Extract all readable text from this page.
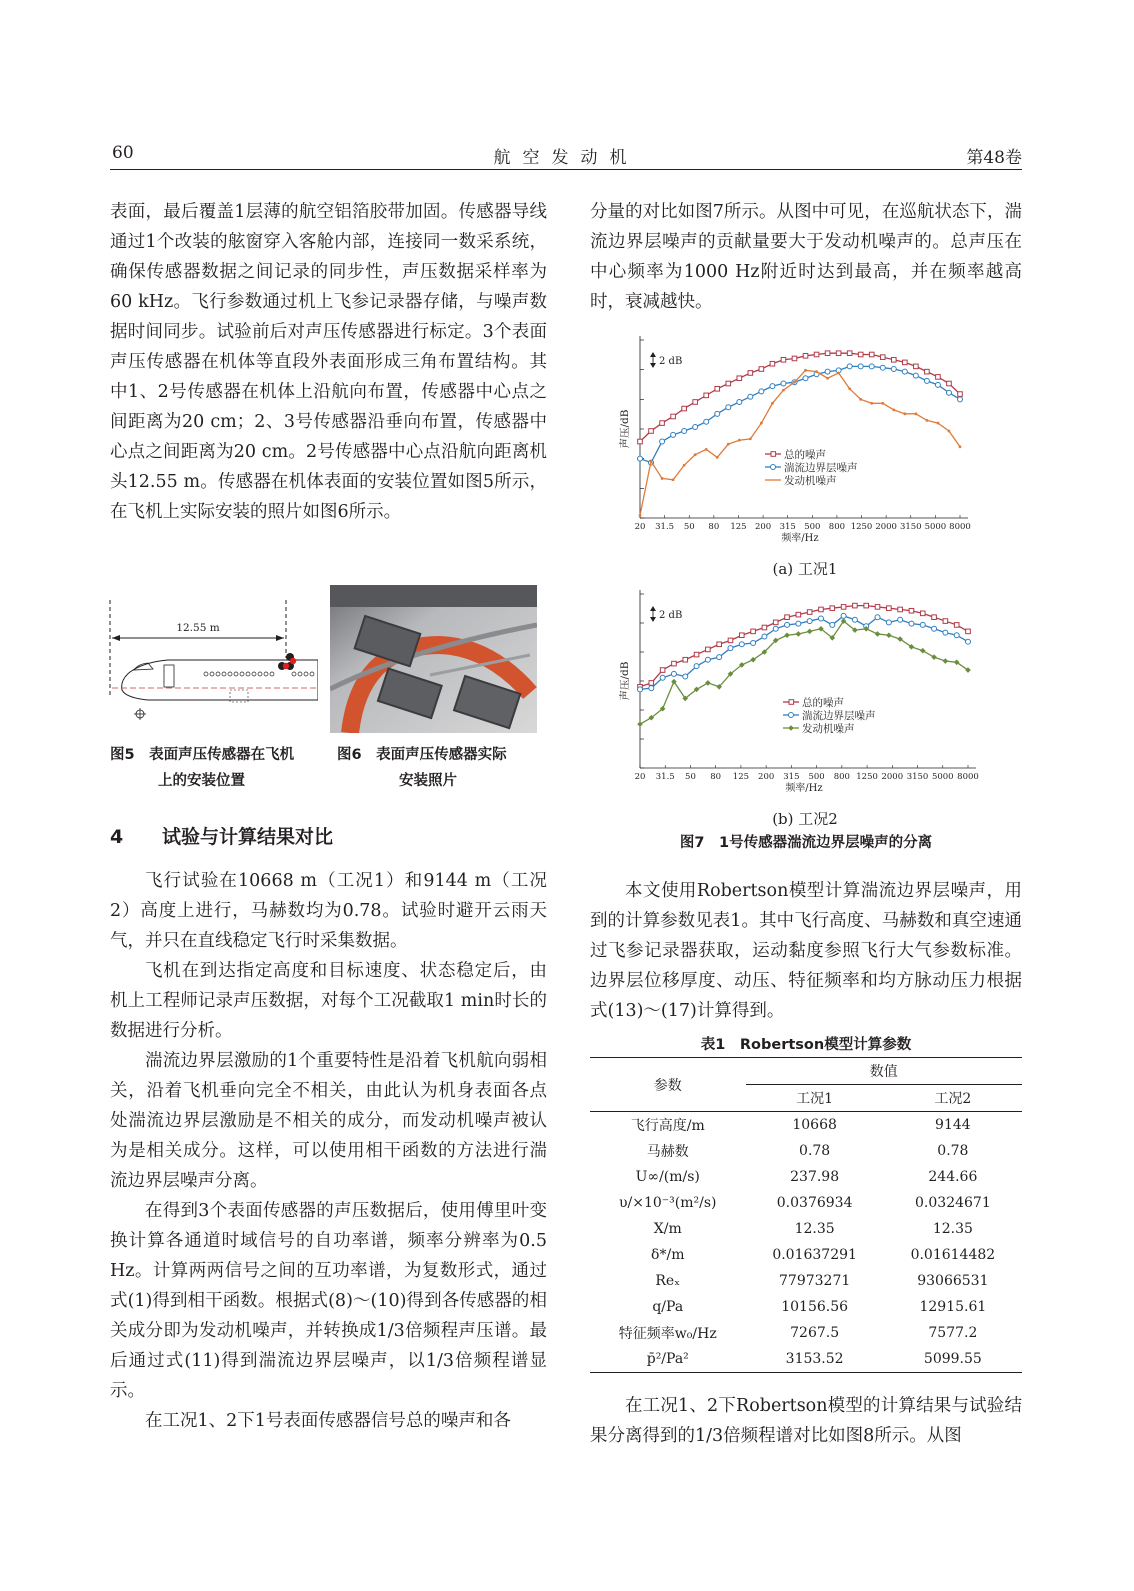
60	航空发动机	第48卷

表面，最后覆盖1层薄的航空铝箔胶带加固。传感器导线通过1个改装的舷窗穿入客舱内部，连接同一数采系统，确保传感器数据之间记录的同步性，声压数据采样率为60 kHz。飞行参数通过机上飞参记录器存储，与噪声数据时间同步。试验前后对声压传感器进行标定。3个表面声压传感器在机体等直段外表面形成三角布置结构。其中1、2号传感器在机体上沿航向布置，传感器中心点之间距离为20 cm；2、3号传感器沿垂向布置，传感器中心点之间距离为20 cm。2号传感器中心点沿航向距离机头12.55 m。传感器在机体表面的安装位置如图5所示，在飞机上实际安装的照片如图6所示。

12.55 m
图5　表面声压传感器在飞机
上的安装位置
图6　表面声压传感器实际
安装照片
4 试验与计算结果对比

飞行试验在10668 m（工况1）和9144 m（工况2）高度上进行，马赫数均为0.78。试验时避开云雨天气，并只在直线稳定飞行时采集数据。

飞机在到达指定高度和目标速度、状态稳定后，由机上工程师记录声压数据，对每个工况截取1 min时长的数据进行分析。

湍流边界层激励的1个重要特性是沿着飞机航向弱相关，沿着飞机垂向完全不相关，由此认为机身表面各点处湍流边界层激励是不相关的成分，而发动机噪声被认为是相关成分。这样，可以使用相干函数的方法进行湍流边界层噪声分离。

在得到3个表面传感器的声压数据后，使用傅里叶变换计算各通道时域信号的自功率谱，频率分辨率为0.5 Hz。计算两两信号之间的互功率谱，为复数形式，通过式(1)得到相干函数。根据式(8)～(10)得到各传感器的相关成分即为发动机噪声，并转换成1/3倍频程声压谱。最后通过式(11)得到湍流边界层噪声，以1/3倍频程谱显示。

在工况1、2下1号表面传感器信号总的噪声和各

分量的对比如图7所示。从图中可见，在巡航状态下，湍流边界层噪声的贡献量要大于发动机噪声的。总声压在中心频率为1000 Hz附近时达到最高，并在频率越高时，衰减越快。

20 31.5 50 80 125 200 315 500 800 1250 2000 3150 5000 8000
频率/Hz
声压/dB
2 dB
总的噪声
湍流边界层噪声
发动机噪声
(a) 工况1
20 31.5 50 80 125 200 315 500 800 1250 2000 3150 5000 8000
频率/Hz
声压/dB
2 dB
总的噪声
湍流边界层噪声
发动机噪声
(b) 工况2
图7　1号传感器湍流边界层噪声的分离

本文使用Robertson模型计算湍流边界层噪声，用到的计算参数见表1。其中飞行高度、马赫数和真空速通过飞参记录器获取，运动黏度参照飞行大气参数标准。边界层位移厚度、动压、特征频率和均方脉动压力根据式(13)～(17)计算得到。

表1　Robertson模型计算参数
参数	数值	
	工况1	工况2
飞行高度/m	10668	9144
马赫数	0.78	0.78
U∞/(m/s)	237.98	244.66
υ/×10⁻³(m²/s)	0.0376934	0.0324671
X/m	12.35	12.35
δ*/m	0.01637291	0.01614482
Reₓ	77973271	93066531
q/Pa	10156.56	12915.61
特征频率w₀/Hz	7267.5	7577.2
p̄²/Pa²	3153.52	5099.55

在工况1、2下Robertson模型的计算结果与试验结果分离得到的1/3倍频程谱对比如图8所示。从图
